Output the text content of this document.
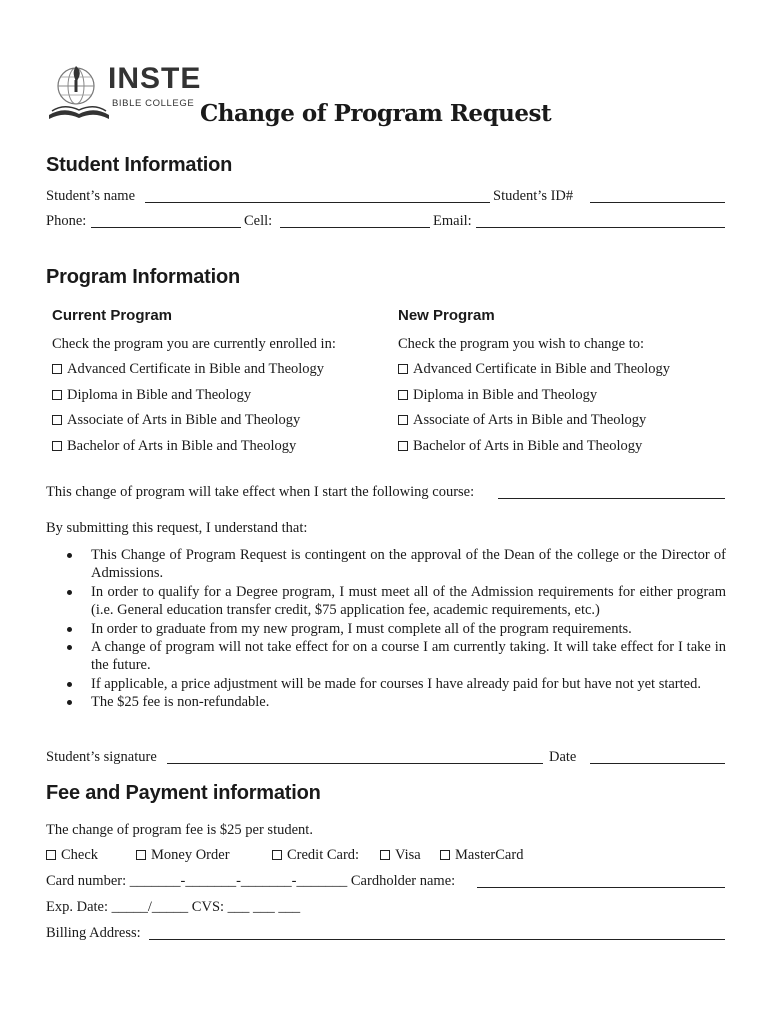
INSTE
BIBLE COLLEGE Change of Program Request
Student Information
Student’s name	Student’s ID#
Phone:	Cell:	Email:
Program Information
Current Program
Check the program you are currently enrolled in:
Advanced Certificate in Bible and Theology
Diploma in Bible and Theology
Associate of Arts in Bible and Theology
Bachelor of Arts in Bible and Theology
New Program
Check the program you wish to change to:
Advanced Certificate in Bible and Theology
Diploma in Bible and Theology
Associate of Arts in Bible and Theology
Bachelor of Arts in Bible and Theology
This change of program will take effect when I start the following course:
By submitting this request, I understand that:
This Change of Program Request is contingent on the approval of the Dean of the college or the Director of Admissions.
In order to qualify for a Degree program, I must meet all of the Admission requirements for either program (i.e. General education transfer credit, $75 application fee, academic requirements, etc.)
In order to graduate from my new program, I must complete all of the program requirements.
A change of program will not take effect for on a course I am currently taking. It will take effect for I take in the future.
If applicable, a price adjustment will be made for courses I have already paid for but have not yet started.
The $25 fee is non-refundable.
Student’s signature	Date
Fee and Payment information
The change of program fee is $25 per student.
Check	Money Order	Credit Card:	Visa	MasterCard
Card number: _______-_______-_______-_______ Cardholder name:
Exp. Date: _____/_____ CVS: ___ ___ ___
Billing Address:
